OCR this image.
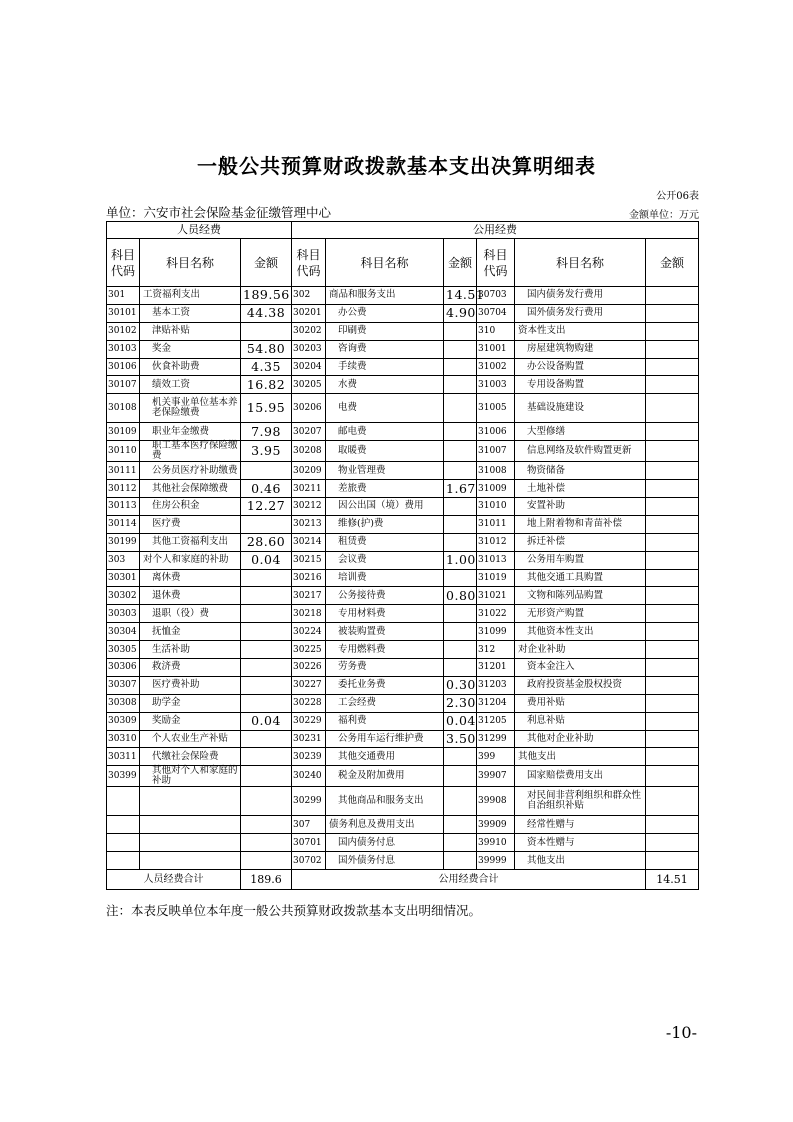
一般公共预算财政拨款基本支出决算明细表
公开06表
单位：六安市社会保险基金征缴管理中心	金额单位：万元
人员经费			公用经费					
科目代码	科目名称	金额	科目代码	科目名称	金额	科目代码	科目名称	金额
301	工资福利支出	189.56	302	商品和服务支出	14.51	30703	国内债务发行费用	
30101	基本工资	44.38	30201	办公费	4.90	30704	国外债务发行费用	
30102	津贴补贴		30202	印刷费		310	资本性支出	
30103	奖金	54.80	30203	咨询费		31001	房屋建筑物购建	
30106	伙食补助费	4.35	30204	手续费		31002	办公设备购置	
30107	绩效工资	16.82	30205	水费		31003	专用设备购置	
30108	机关事业单位基本养老保险缴费	15.95	30206	电费		31005	基础设施建设	
30109	职业年金缴费	7.98	30207	邮电费		31006	大型修缮	
30110	职工基本医疗保险缴费	3.95	30208	取暖费		31007	信息网络及软件购置更新	
30111	公务员医疗补助缴费		30209	物业管理费		31008	物资储备	
30112	其他社会保障缴费	0.46	30211	差旅费	1.67	31009	土地补偿	
30113	住房公积金	12.27	30212	因公出国（境）费用		31010	安置补助	
30114	医疗费		30213	维修(护)费		31011	地上附着物和青苗补偿	
30199	其他工资福利支出	28.60	30214	租赁费		31012	拆迁补偿	
303	对个人和家庭的补助	0.04	30215	会议费	1.00	31013	公务用车购置	
30301	离休费		30216	培训费		31019	其他交通工具购置	
30302	退休费		30217	公务接待费	0.80	31021	文物和陈列品购置	
30303	退职（役）费		30218	专用材料费		31022	无形资产购置	
30304	抚恤金		30224	被装购置费		31099	其他资本性支出	
30305	生活补助		30225	专用燃料费		312	对企业补助	
30306	救济费		30226	劳务费		31201	资本金注入	
30307	医疗费补助		30227	委托业务费	0.30	31203	政府投资基金股权投资	
30308	助学金		30228	工会经费	2.30	31204	费用补贴	
30309	奖励金	0.04	30229	福利费	0.04	31205	利息补贴	
30310	个人农业生产补贴		30231	公务用车运行维护费	3.50	31299	其他对企业补助	
30311	代缴社会保险费		30239	其他交通费用		399	其他支出	
30399	其他对个人和家庭的补助		30240	税金及附加费用		39907	国家赔偿费用支出	
			30299	其他商品和服务支出		39908	对民间非营利组织和群众性自治组织补贴	
			307	债务利息及费用支出		39909	经常性赠与	
			30701	国内债务付息		39910	资本性赠与	
			30702	国外债务付息		39999	其他支出	
人员经费合计		189.6	公用经费合计					14.51
注：本表反映单位本年度一般公共预算财政拨款基本支出明细情况。
-10-
